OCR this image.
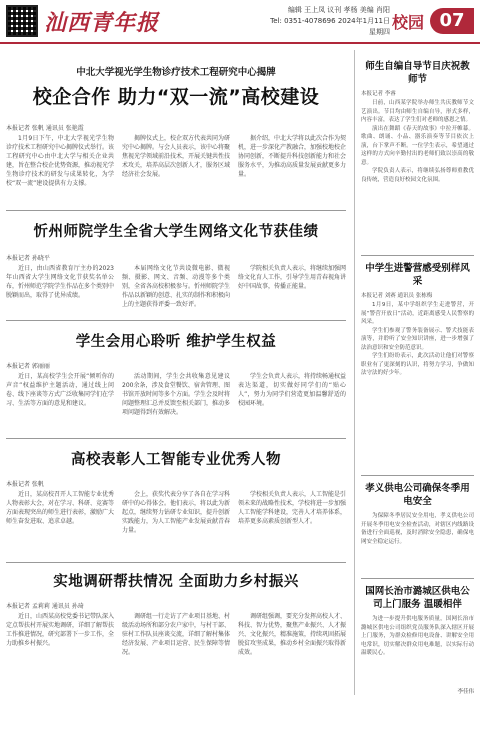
汕西青年报	编辑 王上凤 议刊 孝杨 美编 肖阳
Tel: 0351-4078696 2024年1月11日 星期四 校园 07
中北大学视光学生物诊疗技术工程研究中心揭牌
校企合作 助力“双一流”高校建设
本报记者 张帆 通讯员 张艳霞

1月9日下午，中北大学视光学生物诊疗技术工程研究中心揭牌仪式举行。该工程研究中心由中北大学与相关企业共建，旨在整合校企优势资源，推动视光学生物诊疗技术的研发与成果转化，为学校“双一流”建设提供有力支撑。

揭牌仪式上，校企双方代表共同为研究中心揭牌。与会人员表示，该中心将聚焦视光学领域前沿技术，开展关键共性技术攻关，培养高层次创新人才，服务区域经济社会发展。

据介绍，中北大学将以此次合作为契机，进一步深化产教融合，加强校地校企协同创新，不断提升科技创新能力和社会服务水平，为推动高质量发展贡献更多力量。

忻州师院学生全省大学生网络文化节获佳绩
本报记者 孙晓平

近日，由山西省教育厅主办的2023年山西省大学生网络文化节获奖名单公布，忻州师范学院学生作品在多个类别中脱颖而出，取得了优异成绩。

本届网络文化节共设微电影、微视频、摄影、网文、音频、动漫等多个类别，全省各高校积极参与。忻州师院学生作品以新颖的创意、扎实的制作和积极向上的主题获得评委一致好评。

学院相关负责人表示，将继续加强网络文化育人工作，引导学生用青春视角讲好中国故事，传播正能量。

学生会用心聆听 维护学生权益
本报记者 郭丽丽

近日，某高校学生会开展“倾听你的声音”权益维护主题活动，通过线上问卷、线下座谈等方式广泛收集同学们在学习、生活等方面的意见和建议。

活动期间，学生会共收集意见建议200余条，涉及食堂餐饮、宿舍管理、图书馆开放时间等多个方面。学生会及时将问题整理汇总并反馈至相关部门，推动多项问题得到有效解决。

学生会负责人表示，将持续畅通权益表达渠道，切实做好同学们的“贴心人”，努力为同学们营造更加温馨舒适的校园环境。

高校表彰人工智能专业优秀人物
本报记者 张帆

近日，某高校召开人工智能专业优秀人物表彰大会，对在学习、科研、竞赛等方面表现突出的师生进行表彰，激励广大师生奋发进取、追求卓越。

会上，获奖代表分享了各自在学习科研中的心得体会。他们表示，将以此为新起点，继续努力钻研专业知识，提升创新实践能力，为人工智能产业发展贡献青春力量。

学校相关负责人表示，人工智能是引领未来的战略性技术，学校将进一步加强人工智能学科建设，完善人才培养体系，培养更多高素质创新型人才。

实地调研帮扶情况 全面助力乡村振兴
本报记者 孟莉莉 通讯员 孙琦

近日，山西某高校党委书记带队深入定点帮扶村开展实地调研，详细了解帮扶工作推进情况，研究部署下一步工作，全力助推乡村振兴。

调研组一行走访了产业项目基地、村级活动场所和部分农户家中，与村干部、驻村工作队员座谈交流，详细了解村集体经济发展、产业项目运营、民生保障等情况。

调研组强调，要充分发挥高校人才、科技、智力优势，聚焦产业振兴、人才振兴、文化振兴，精准施策，持续巩固拓展脱贫攻坚成果，推动乡村全面振兴取得新成效。

师生自编自导节目庆祝教师节
本报记者 李睿

日前，山西某学院举办师生共庆教师节文艺演出。节目均由师生自编自导，形式多样，内容丰富，表达了学生们对老师的感恩之情。

演出在舞蹈《春天的故事》中拉开帷幕。歌曲、朗诵、小品、器乐演奏等节目依次上演，台下掌声不断。一位学生表示，希望通过这样的方式向辛勤付出的老师们致以崇高的敬意。

学院负责人表示，将继续弘扬尊师重教优良传统，营造良好校园文化氛围。

中学生进警营感受别样风采
本报记者 刘赛 通讯员 张栋梅

1月9日，某中学组织学生走进警营，开展“警营开放日”活动，近距离感受人民警察的风采。

学生们参观了警务装备展示、警犬技能表演等，并聆听了安全知识讲座，进一步增强了法治意识和安全防范意识。

学生们纷纷表示，此次活动让他们对警察职业有了更深刻的认识，将努力学习，争做知法守法的好少年。

孝义供电公司确保冬季用电安全

为保障冬季居民安全用电，孝义供电公司开展冬季用电安全检查活动，对辖区内线路设备进行全面巡视，及时消除安全隐患，确保电网安全稳定运行。

国网长治市潞城区供电公司上门服务 温暖相伴

为进一步提升供电服务质量，国网长治市潞城区供电公司组织党员服务队深入辖区开展上门服务，为群众检修用电设备、讲解安全用电常识，切实解决群众用电难题，以实际行动温暖民心。

李佳伟
